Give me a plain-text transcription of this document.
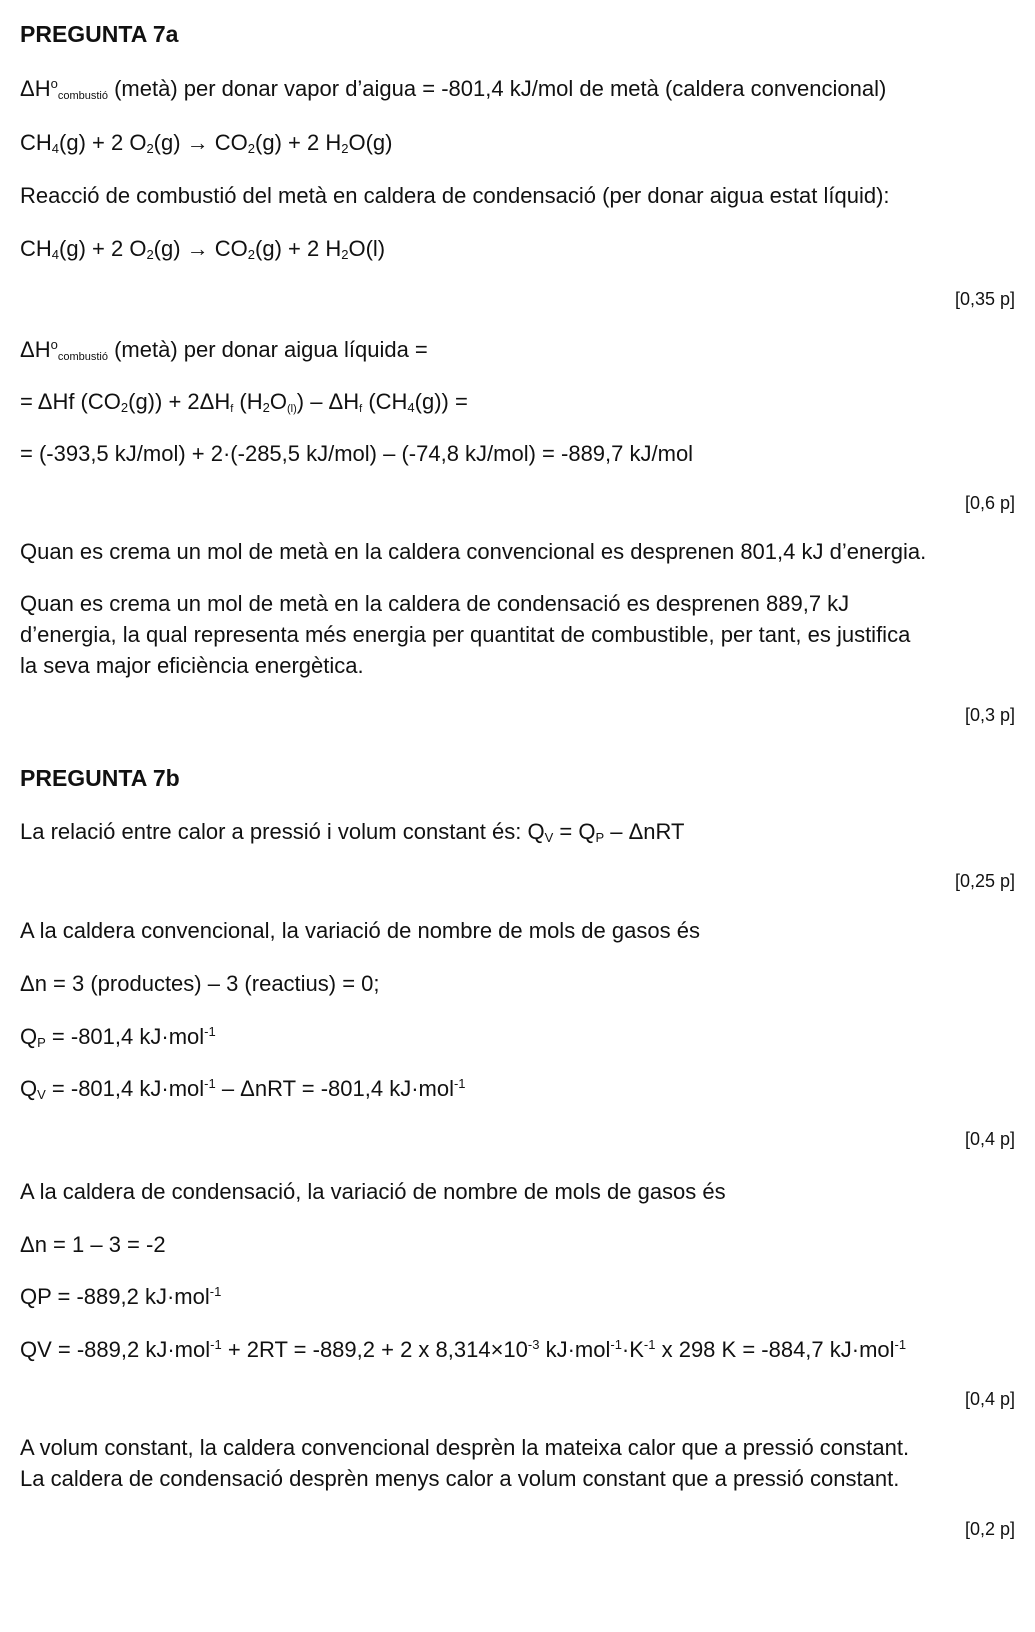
PREGUNTA 7a
$\Delta H^o_{combustió}$ (metà) per donar vapor d’aigua = -801,4 kJ/mol de metà (caldera convencional)
$CH_4(g) + 2$ $O_2(g) \to CO_2(g) + 2$ $H_2O(g)$
Reacció de combustió del metà en caldera de condensació (per donar aigua estat líquid):
$CH_4(g) + 2$ $O_2(g) \to CO_2(g) + 2$ $H_2O(l)$
[0,35 p]
$\Delta H^o_{combustió}$ (metà) per donar aigua líquida =
= ΔHf $(CO_2(g)) + 2\Delta H_f$ $(H_2O_{(l)}) - \Delta H_f$ $(CH_4(g))$ =
= (-393,5 kJ/mol) + 2·(-285,5 kJ/mol) – (-74,8 kJ/mol) = -889,7 kJ/mol
[0,6 p]
Quan es crema un mol de metà en la caldera convencional es desprenen 801,4 kJ d’energia.
Quan es crema un mol de metà en la caldera de condensació es desprenen 889,7 kJ
d’energia, la qual representa més energia per quantitat de combustible, per tant, es justifica
la seva major eficiència energètica.
[0,3 p]
PREGUNTA 7b
La relació entre calor a pressió i volum constant és: $Q_V = Q_P - \Delta nRT$
[0,25 p]
A la caldera convencional, la variació de nombre de mols de gasos és
Δn = 3 (productes) – 3 (reactius) = 0;
$Q_P = -801,4$ kJ·mol$^{-1}$
$Q_V = -801,4$ kJ·mol$^{-1}$ – ΔnRT = -801,4 kJ·mol$^{-1}$
[0,4 p]
A la caldera de condensació, la variació de nombre de mols de gasos és
Δn = 1 – 3 = -2
QP = -889,2 kJ·mol$^{-1}$
QV = -889,2 kJ·mol$^{-1}$ + 2RT = -889,2 + 2 x $8,314\times 10^{-3}$ $kJ\cdot mol^{-1}\cdot K^{-1}$ x 298 K = -884,7 kJ·mol$^{-1}$
[0,4 p]
A volum constant, la caldera convencional desprèn la mateixa calor que a pressió constant.
La caldera de condensació desprèn menys calor a volum constant que a pressió constant.
[0,2 p]
